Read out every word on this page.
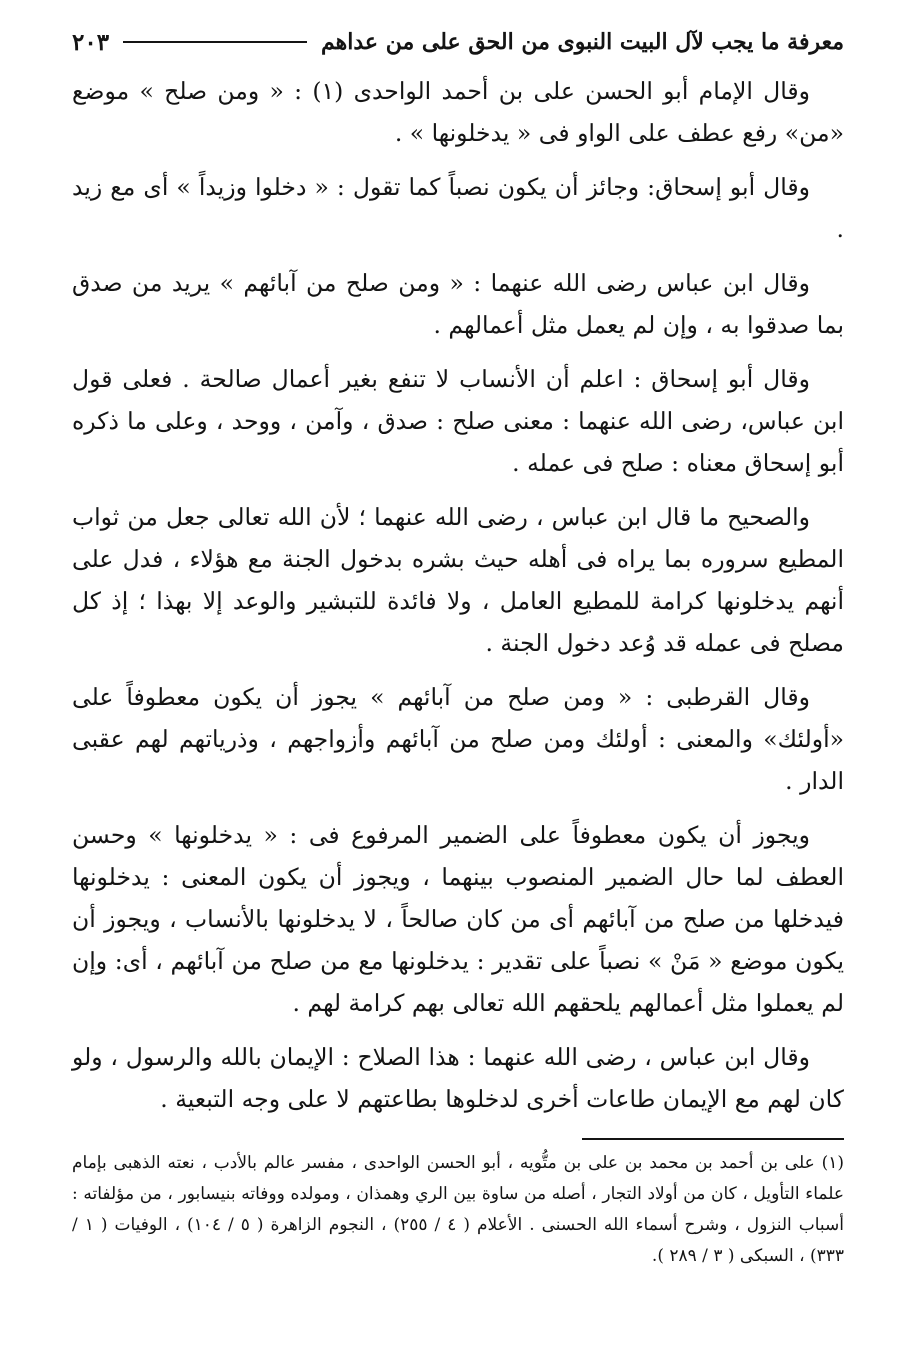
معرفة ما يجب لآل البيت النبوى من الحق على من عداهم
٢٠٣

وقال الإمام أبو الحسن على بن أحمد الواحدى (١) : « ومن صلح » موضع «من» رفع عطف على الواو فى « يدخلونها » .

وقال أبو إسحاق: وجائز أن يكون نصباً كما تقول : « دخلوا وزيداً » أى مع زيد .

وقال ابن عباس رضى الله عنهما : « ومن صلح من آبائهم » يريد من صدق بما صدقوا به ، وإن لم يعمل مثل أعمالهم .

وقال أبو إسحاق : اعلم أن الأنساب لا تنفع بغير أعمال صالحة . فعلى قول ابن عباس، رضى الله عنهما : معنى صلح : صدق ، وآمن ، ووحد ، وعلى ما ذكره أبو إسحاق معناه : صلح فى عمله .

والصحيح ما قال ابن عباس ، رضى الله عنهما ؛ لأن الله تعالى جعل من ثواب المطيع سروره بما يراه فى أهله حيث بشره بدخول الجنة مع هؤلاء ، فدل على أنهم يدخلونها كرامة للمطيع العامل ، ولا فائدة للتبشير والوعد إلا بهذا ؛ إذ كل مصلح فى عمله قد وُعد دخول الجنة .

وقال القرطبى : « ومن صلح من آبائهم » يجوز أن يكون معطوفاً على «أولئك» والمعنى : أولئك ومن صلح من آبائهم وأزواجهم ، وذرياتهم لهم عقبى الدار .

ويجوز أن يكون معطوفاً على الضمير المرفوع فى : « يدخلونها » وحسن العطف لما حال الضمير المنصوب بينهما ، ويجوز أن يكون المعنى : يدخلونها فيدخلها من صلح من آبائهم أى من كان صالحاً ، لا يدخلونها بالأنساب ، ويجوز أن يكون موضع « مَنْ » نصباً على تقدير : يدخلونها مع من صلح من آبائهم ، أى: وإن لم يعملوا مثل أعمالهم يلحقهم الله تعالى بهم كرامة لهم .

وقال ابن عباس ، رضى الله عنهما : هذا الصلاح : الإيمان بالله والرسول ، ولو كان لهم مع الإيمان طاعات أخرى لدخلوها بطاعتهم لا على وجه التبعية .

(١) على بن أحمد بن محمد بن على بن متُّويه ، أبو الحسن الواحدى ، مفسر عالم بالأدب ، نعته الذهبى بإمام علماء التأويل ، كان من أولاد التجار ، أصله من ساوة بين الري وهمذان ، ومولده ووفاته بنيسابور ، من مؤلفاته : أسباب النزول ، وشرح أسماء الله الحسنى . الأعلام ( ٤ / ٢٥٥) ، النجوم الزاهرة ( ٥ / ١٠٤) ، الوفيات ( ١ / ٣٣٣) ، السبكى ( ٣ / ٢٨٩ ).
